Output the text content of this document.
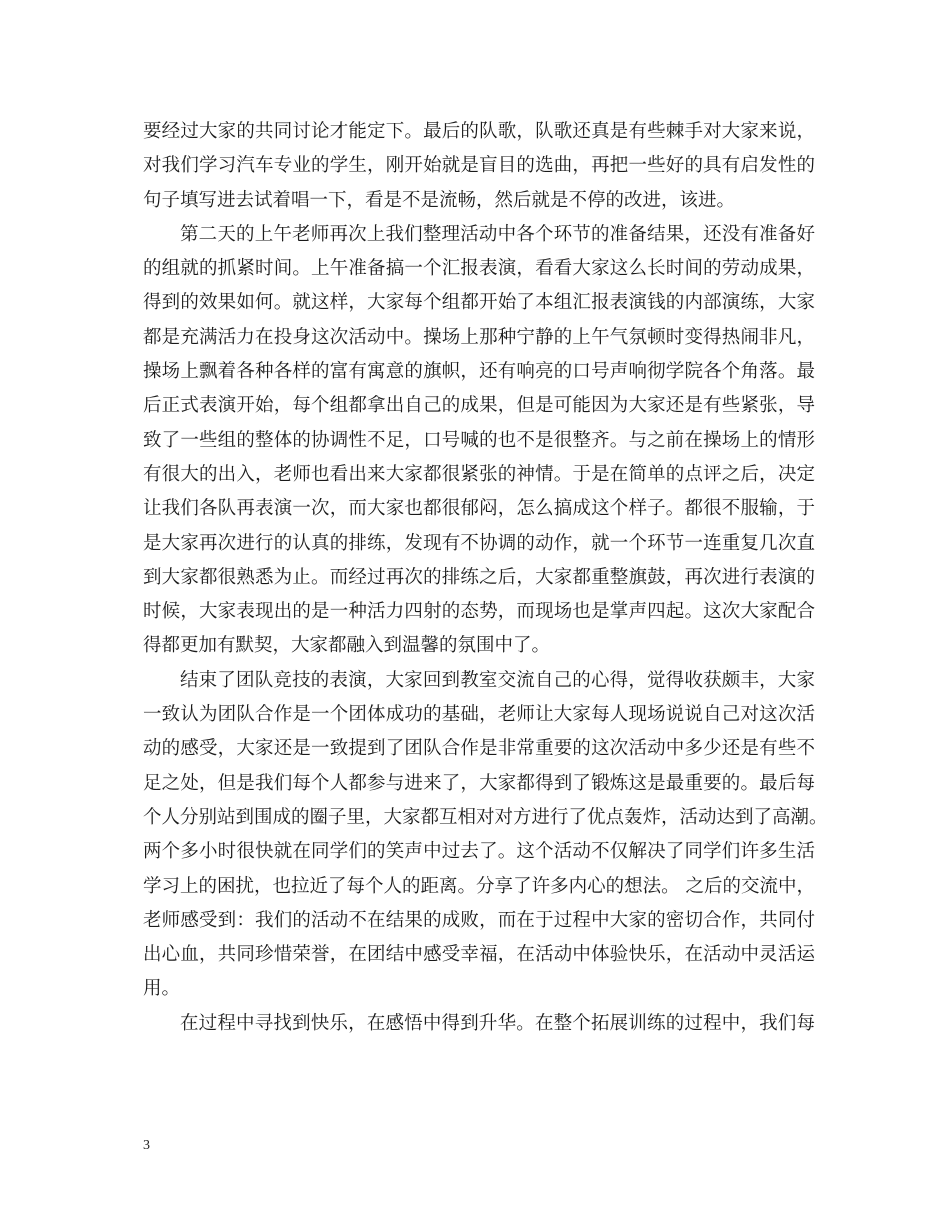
要经过大家的共同讨论才能定下。最后的队歌，队歌还真是有些棘手对大家来说，
对我们学习汽车专业的学生，刚开始就是盲目的选曲，再把一些好的具有启发性的
句子填写进去试着唱一下，看是不是流畅，然后就是不停的改进，该进。
第二天的上午老师再次上我们整理活动中各个环节的准备结果，还没有准备好
的组就的抓紧时间。上午准备搞一个汇报表演，看看大家这么长时间的劳动成果，
得到的效果如何。就这样，大家每个组都开始了本组汇报表演钱的内部演练，大家
都是充满活力在投身这次活动中。操场上那种宁静的上午气氛顿时变得热闹非凡，
操场上飘着各种各样的富有寓意的旗帜，还有响亮的口号声响彻学院各个角落。最
后正式表演开始，每个组都拿出自己的成果，但是可能因为大家还是有些紧张，导
致了一些组的整体的协调性不足，口号喊的也不是很整齐。与之前在操场上的情形
有很大的出入，老师也看出来大家都很紧张的神情。于是在简单的点评之后，决定
让我们各队再表演一次，而大家也都很郁闷，怎么搞成这个样子。都很不服输，于
是大家再次进行的认真的排练，发现有不协调的动作，就一个环节一连重复几次直
到大家都很熟悉为止。而经过再次的排练之后，大家都重整旗鼓，再次进行表演的
时候，大家表现出的是一种活力四射的态势，而现场也是掌声四起。这次大家配合
得都更加有默契，大家都融入到温馨的氛围中了。
结束了团队竞技的表演，大家回到教室交流自己的心得，觉得收获颇丰，大家
一致认为团队合作是一个团体成功的基础，老师让大家每人现场说说自己对这次活
动的感受，大家还是一致提到了团队合作是非常重要的这次活动中多少还是有些不
足之处，但是我们每个人都参与进来了，大家都得到了锻炼这是最重要的。最后每
个人分别站到围成的圈子里，大家都互相对对方进行了优点轰炸，活动达到了高潮。
两个多小时很快就在同学们的笑声中过去了。这个活动不仅解决了同学们许多生活
学习上的困扰，也拉近了每个人的距离。分享了许多内心的想法。 之后的交流中，
老师感受到：我们的活动不在结果的成败，而在于过程中大家的密切合作，共同付
出心血，共同珍惜荣誉，在团结中感受幸福，在活动中体验快乐，在活动中灵活运
用。
在过程中寻找到快乐，在感悟中得到升华。在整个拓展训练的过程中，我们每
3
